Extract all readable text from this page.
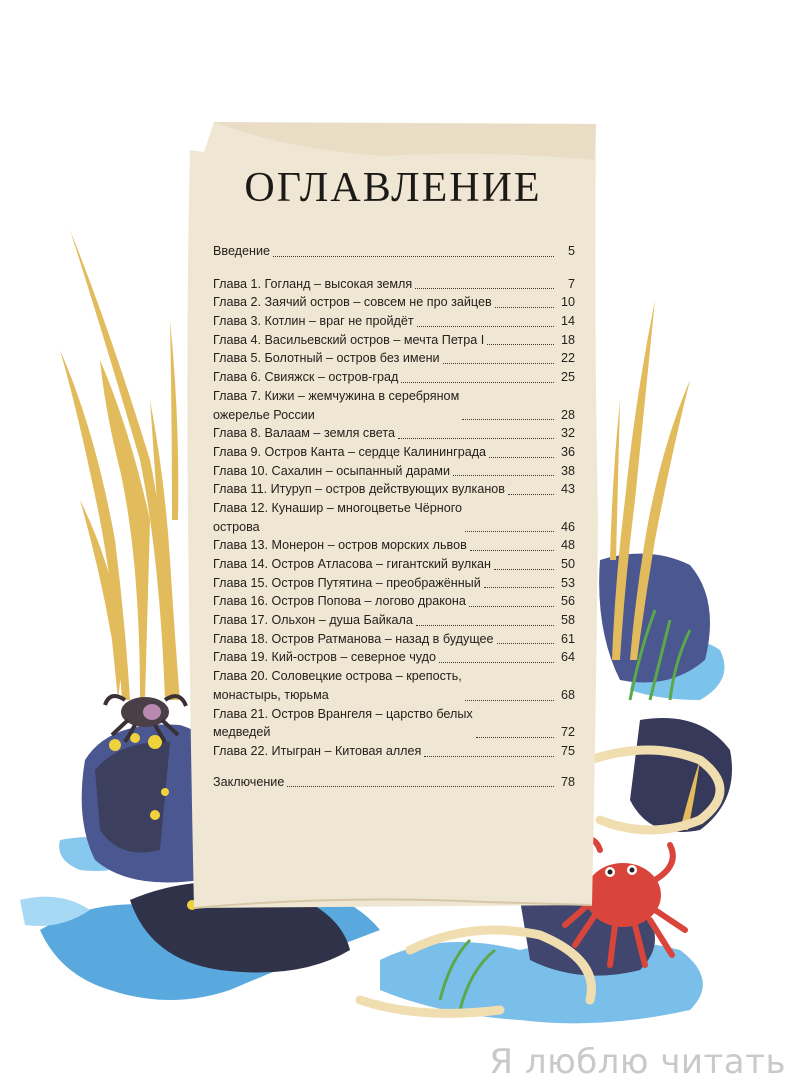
ОГЛАВЛЕНИЕ
Введение	5
Глава 1. Гогланд – высокая земля	7
Глава 2. Заячий остров – совсем не про зайцев	10
Глава 3. Котлин – враг не пройдёт	14
Глава 4. Васильевский остров – мечта Петра I	18
Глава 5. Болотный – остров без имени	22
Глава 6. Свияжск – остров-град	25
Глава 7. Кижи – жемчужина в серебряном
ожерелье России	28
Глава 8. Валаам – земля света	32
Глава 9. Остров Канта – сердце Калининграда	36
Глава 10. Сахалин – осыпанный дарами	38
Глава 11. Итуруп – остров действующих вулканов	43
Глава 12. Кунашир – многоцветье Чёрного
острова	46
Глава 13. Монерон – остров морских львов	48
Глава 14. Остров Атласова – гигантский вулкан	50
Глава 15. Остров Путятина – преображённый	53
Глава 16. Остров Попова – логово дракона	56
Глава 17. Ольхон – душа Байкала	58
Глава 18. Остров Ратманова – назад в будущее	61
Глава 19. Кий-остров – северное чудо	64
Глава 20. Соловецкие острова – крепость,
монастырь, тюрьма	68
Глава 21. Остров Врангеля – царство белых
медведей	72
Глава 22. Итыгран – Китовая аллея	75
Заключение	78
Я люблю читать
